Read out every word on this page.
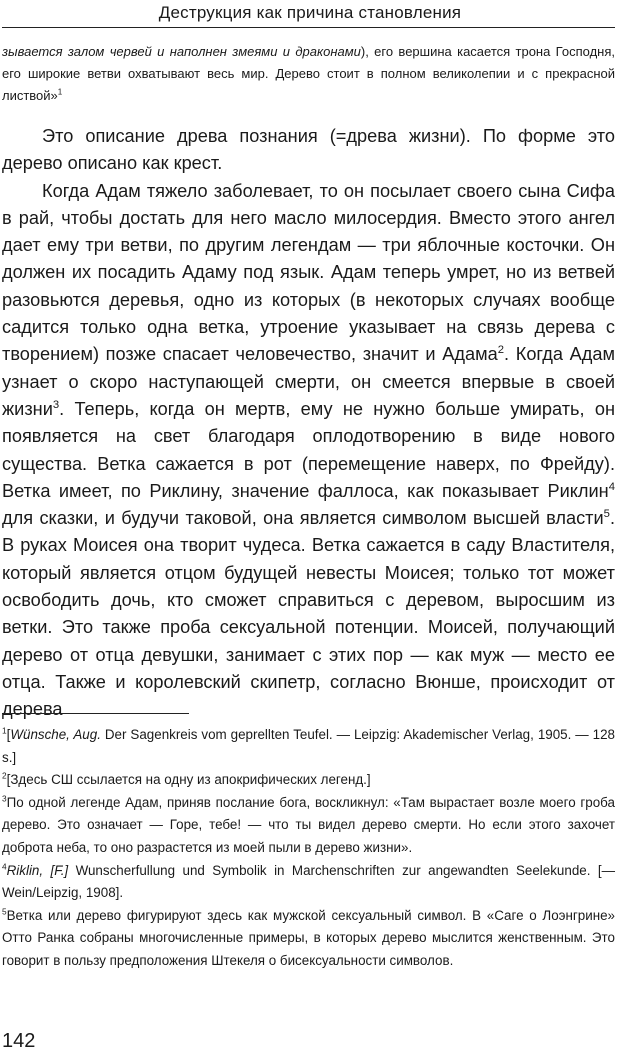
Деструкция как причина становления
зывается залом червей и наполнен змеями и драконами), его вершина касается трона Господня, его широкие ветви охватывают весь мир. Дерево стоит в полном великолепии и с прекрасной листвой»$^1$

Это описание древа познания (=древа жизни). По форме это дерево описано как крест.

Когда Адам тяжело заболевает, то он посылает своего сына Сифа в рай, чтобы достать для него масло милосердия. Вместо этого ангел дает ему три ветви, по другим легендам — три яблочные косточки. Он должен их посадить Адаму под язык. Адам теперь умрет, но из ветвей разовьются деревья, одно из которых (в некоторых случаях вообще садится только одна ветка, утроение указывает на связь дерева с творением) позже спасает человечество, значит и Адама$^2$. Когда Адам узнает о скоро наступающей смерти, он смеется впервые в своей жизни$^3$. Теперь, когда он мертв, ему не нужно больше умирать, он появляется на свет благодаря оплодотворению в виде нового существа. Ветка сажается в рот (перемещение наверх, по Фрейду). Ветка имеет, по Риклину, значение фаллоса, как показывает Риклин$^4$ для сказки, и будучи таковой, она является символом высшей власти$^5$. В руках Моисея она творит чудеса. Ветка сажается в саду Властителя, который является отцом будущей невесты Моисея; только тот может освободить дочь, кто сможет справиться с деревом, выросшим из ветки. Это также проба сексуальной потенции. Моисей, получающий дерево от отца девушки, занимает с этих пор — как муж — место ее отца. Также и королевский скипетр, согласно Вюнше, происходит от дерева

$^1$[Wünsche, Aug. Der Sagenkreis vom geprellten Teufel. — Leipzig: Akademischer Verlag, 1905. — 128 s.]

$^2$[Здесь СШ ссылается на одну из апокрифических легенд.]

$^3$По одной легенде Адам, приняв послание бога, воскликнул: «Там вырастает возле моего гроба дерево. Это означает — Горе, тебе! — что ты видел дерево смерти. Но если этого захочет доброта неба, то оно разрастется из моей пыли в дерево жизни».

$^4$Riklin, [F.] Wunscherfullung und Symbolik in Marchenschriften zur angewandten Seelekunde. [— Wein/Leipzig, 1908].

$^5$Ветка или дерево фигурируют здесь как мужской сексуальный символ. В «Саге о Лоэнгрине» Отто Ранка собраны многочисленные примеры, в которых дерево мыслится женственным. Это говорит в пользу предположения Штекеля о бисексуальности символов.

142
